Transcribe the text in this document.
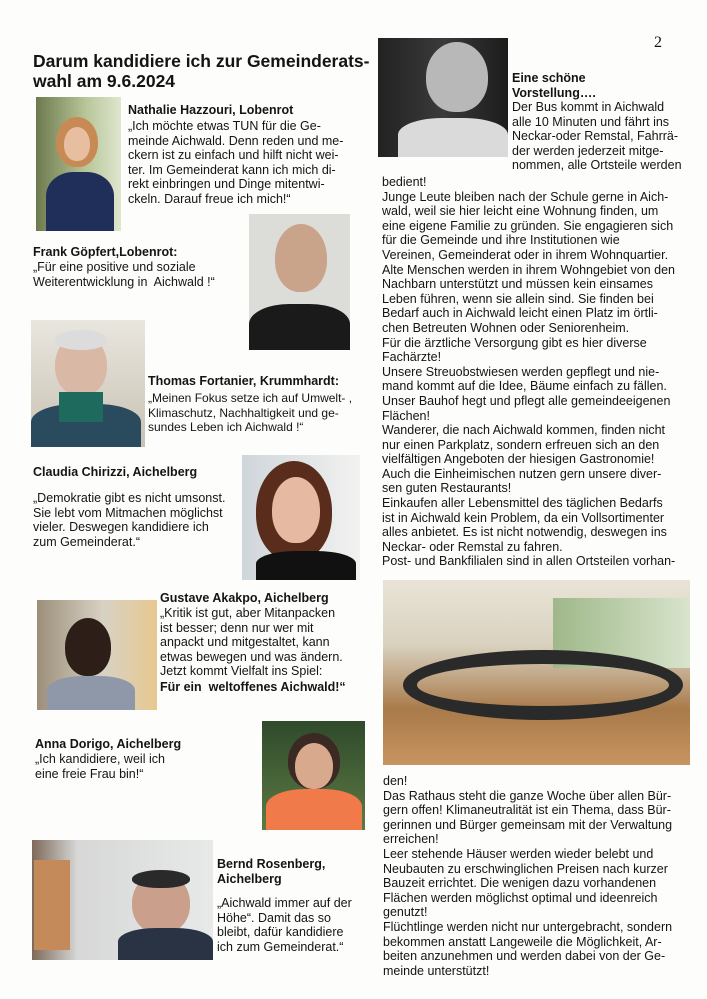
2
Darum kandidiere ich zur Gemeinderats-
wahl am 9.6.2024
Nathalie Hazzouri, Lobenrot
„Ich möchte etwas TUN für die Ge-
meinde Aichwald. Denn reden und me-
ckern ist zu einfach und hilft nicht wei-
ter. Im Gemeinderat kann ich mich di-
rekt einbringen und Dinge mitentwi-
ckeln. Darauf freue ich mich!“
Frank Göpfert,Lobenrot:
„Für eine positive und soziale
Weiterentwicklung in  Aichwald !“
Thomas Fortanier, Krummhardt:
„Meinen Fokus setze ich auf Umwelt- ,
Klimaschutz, Nachhaltigkeit und ge-
sundes Leben ich Aichwald !“
Claudia Chirizzi, Aichelberg
„Demokratie gibt es nicht umsonst.
Sie lebt vom Mitmachen möglichst
vieler. Deswegen kandidiere ich
zum Gemeinderat.“
Gustave Akakpo, Aichelberg
„Kritik ist gut, aber Mitanpacken
ist besser; denn nur wer mit
anpackt und mitgestaltet, kann
etwas bewegen und was ändern.
Jetzt kommt Vielfalt ins Spiel:
Für ein  weltoffenes Aichwald!“
Anna Dorigo, Aichelberg
„Ich kandidiere, weil ich
eine freie Frau bin!“
Bernd Rosenberg,
Aichelberg
„Aichwald immer auf der
Höhe“. Damit das so
bleibt, dafür kandidiere
ich zum Gemeinderat.“
Eine schöne
Vorstellung….
Der Bus kommt in Aichwald
alle 10 Minuten und fährt ins
Neckar-oder Remstal, Fahrrä-
der werden jederzeit mitge-
nommen, alle Ortsteile werden
bedient!
Junge Leute bleiben nach der Schule gerne in Aich-
wald, weil sie hier leicht eine Wohnung finden, um
eine eigene Familie zu gründen. Sie engagieren sich
für die Gemeinde und ihre Institutionen wie
Vereinen, Gemeinderat oder in ihrem Wohnquartier.
Alte Menschen werden in ihrem Wohngebiet von den
Nachbarn unterstützt und müssen kein einsames
Leben führen, wenn sie allein sind. Sie finden bei
Bedarf auch in Aichwald leicht einen Platz im örtli-
chen Betreuten Wohnen oder Seniorenheim.
Für die ärztliche Versorgung gibt es hier diverse
Fachärzte!
Unsere Streuobstwiesen werden gepflegt und nie-
mand kommt auf die Idee, Bäume einfach zu fällen.
Unser Bauhof hegt und pflegt alle gemeindeeigenen
Flächen!
Wanderer, die nach Aichwald kommen, finden nicht
nur einen Parkplatz, sondern erfreuen sich an den
vielfältigen Angeboten der hiesigen Gastronomie!
Auch die Einheimischen nutzen gern unsere diver-
sen guten Restaurants!
Einkaufen aller Lebensmittel des täglichen Bedarfs
ist in Aichwald kein Problem, da ein Vollsortimenter
alles anbietet. Es ist nicht notwendig, deswegen ins
Neckar- oder Remstal zu fahren.
Post- und Bankfilialen sind in allen Ortsteilen vorhan-
den!
Das Rathaus steht die ganze Woche über allen Bür-
gern offen! Klimaneutralität ist ein Thema, dass Bür-
gerinnen und Bürger gemeinsam mit der Verwaltung
erreichen!
Leer stehende Häuser werden wieder belebt und
Neubauten zu erschwinglichen Preisen nach kurzer
Bauzeit errichtet. Die wenigen dazu vorhandenen
Flächen werden möglichst optimal und ideenreich
genutzt!
Flüchtlinge werden nicht nur untergebracht, sondern
bekommen anstatt Langeweile die Möglichkeit, Ar-
beiten anzunehmen und werden dabei von der Ge-
meinde unterstützt!
